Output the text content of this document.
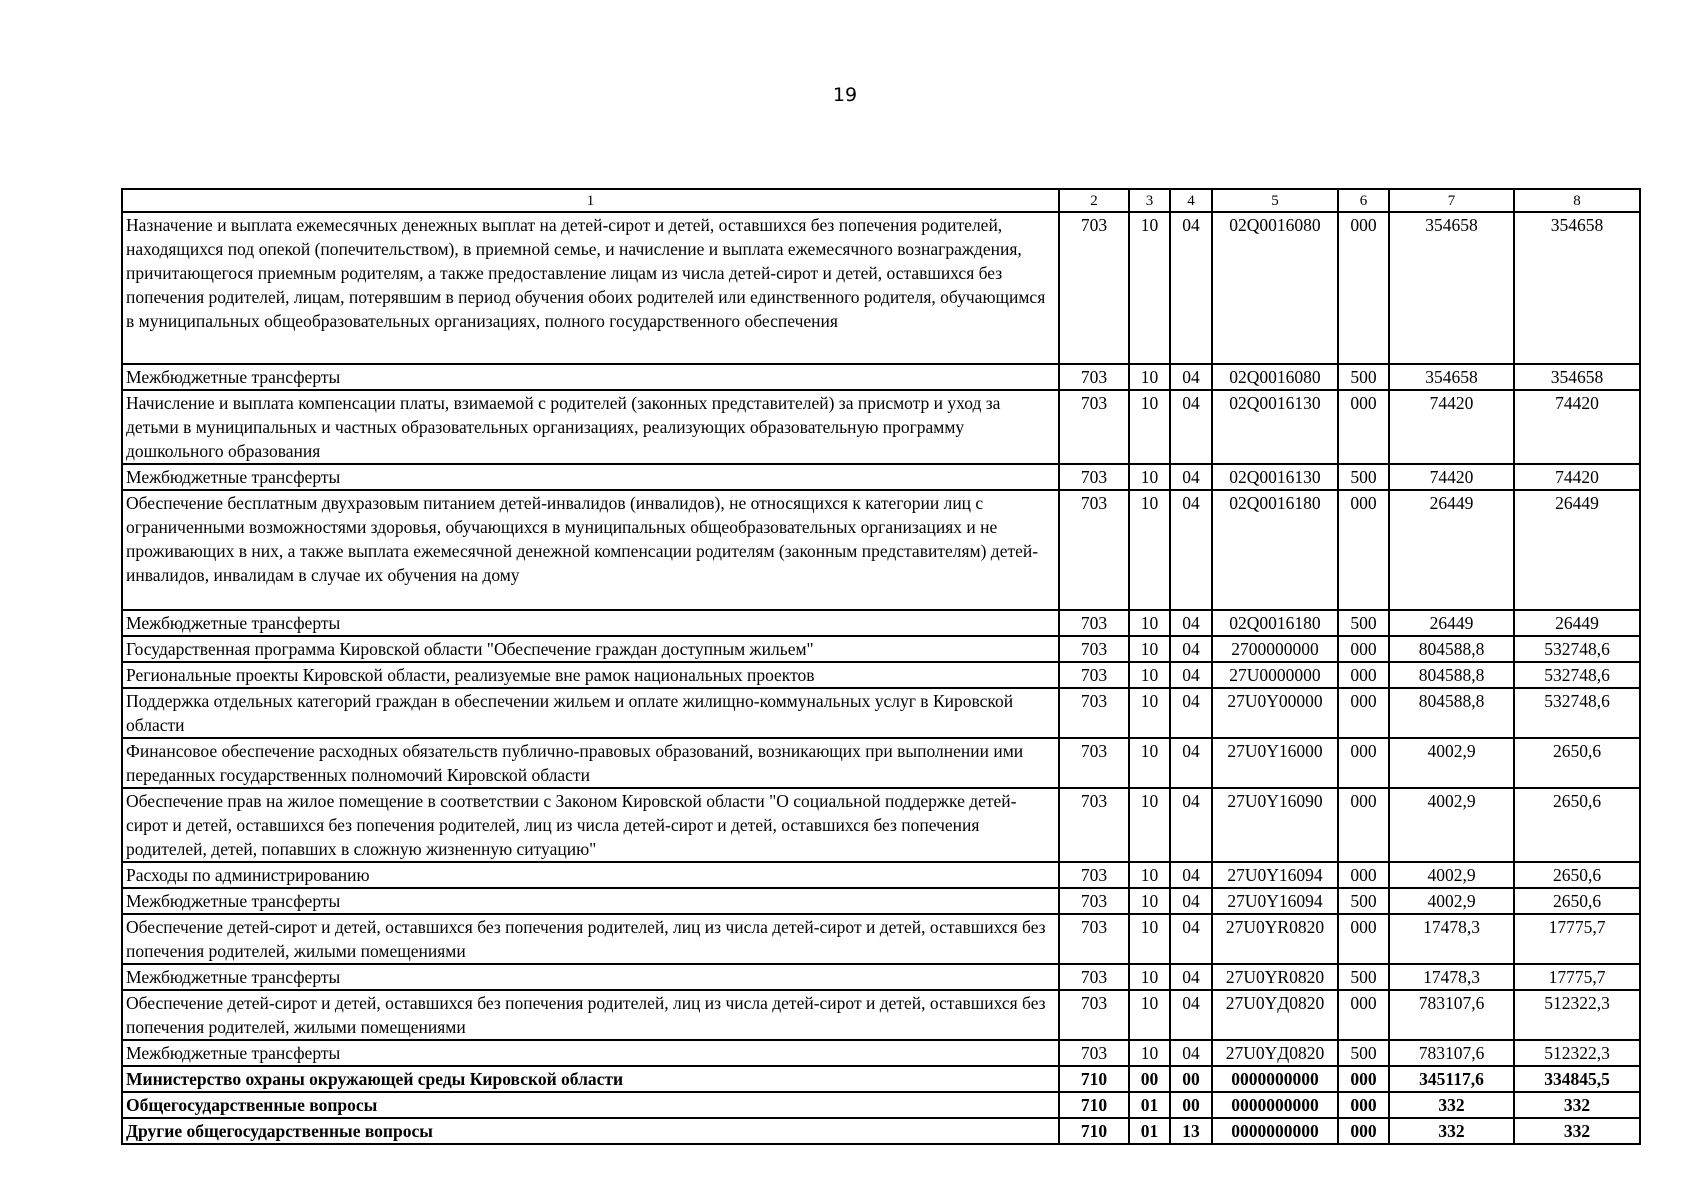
19
1	2	3	4	5	6	7	8
Назначение и выплата ежемесячных денежных выплат на детей-сирот и детей, оставшихся без попечения родителей, находящихся под опекой (попечительством), в приемной семье, и начисление и выплата ежемесячного вознаграждения, причитающегося приемным родителям, а также предоставление лицам из числа детей-сирот и детей, оставшихся без попечения родителей, лицам, потерявшим в период обучения обоих родителей или единственного родителя, обучающимся в муниципальных общеобразовательных организациях, полного государственного обеспечения	703	10	04	02Q0016080	000	354658	354658
Межбюджетные трансферты	703	10	04	02Q0016080	500	354658	354658
Начисление и выплата компенсации платы, взимаемой с родителей (законных представителей) за присмотр и уход за детьми в муниципальных и частных образовательных организациях, реализующих образовательную программу дошкольного образования	703	10	04	02Q0016130	000	74420	74420
Межбюджетные трансферты	703	10	04	02Q0016130	500	74420	74420
Обеспечение бесплатным двухразовым питанием детей-инвалидов (инвалидов), не относящихся к категории лиц с ограниченными возможностями здоровья, обучающихся в муниципальных общеобразовательных организациях и не проживающих в них, а также выплата ежемесячной денежной компенсации родителям (законным представителям) детей-инвалидов, инвалидам в случае их обучения на дому	703	10	04	02Q0016180	000	26449	26449
Межбюджетные трансферты	703	10	04	02Q0016180	500	26449	26449
Государственная программа Кировской области "Обеспечение граждан доступным жильем"	703	10	04	2700000000	000	804588,8	532748,6
Региональные проекты Кировской области, реализуемые вне рамок национальных проектов	703	10	04	27U0000000	000	804588,8	532748,6
Поддержка отдельных категорий граждан в обеспечении жильем и оплате жилищно-коммунальных услуг в Кировской области	703	10	04	27U0Y00000	000	804588,8	532748,6
Финансовое обеспечение расходных обязательств публично-правовых образований, возникающих при выполнении ими переданных государственных полномочий Кировской области	703	10	04	27U0Y16000	000	4002,9	2650,6
Обеспечение прав на жилое помещение в соответствии с Законом Кировской области "О социальной поддержке детей-сирот и детей, оставшихся без попечения родителей, лиц из числа детей-сирот и детей, оставшихся без попечения родителей, детей, попавших в сложную жизненную ситуацию"	703	10	04	27U0Y16090	000	4002,9	2650,6
Расходы по администрированию	703	10	04	27U0Y16094	000	4002,9	2650,6
Межбюджетные трансферты	703	10	04	27U0Y16094	500	4002,9	2650,6
Обеспечение детей-сирот и детей, оставшихся без попечения родителей, лиц из числа детей-сирот и детей, оставшихся без попечения родителей, жилыми помещениями	703	10	04	27U0YR0820	000	17478,3	17775,7
Межбюджетные трансферты	703	10	04	27U0YR0820	500	17478,3	17775,7
Обеспечение детей-сирот и детей, оставшихся без попечения родителей, лиц из числа детей-сирот и детей, оставшихся без попечения родителей, жилыми помещениями	703	10	04	27U0YД0820	000	783107,6	512322,3
Межбюджетные трансферты	703	10	04	27U0YД0820	500	783107,6	512322,3
Министерство охраны окружающей среды Кировской области	710	00	00	0000000000	000	345117,6	334845,5
Общегосударственные вопросы	710	01	00	0000000000	000	332	332
Другие общегосударственные вопросы	710	01	13	0000000000	000	332	332
